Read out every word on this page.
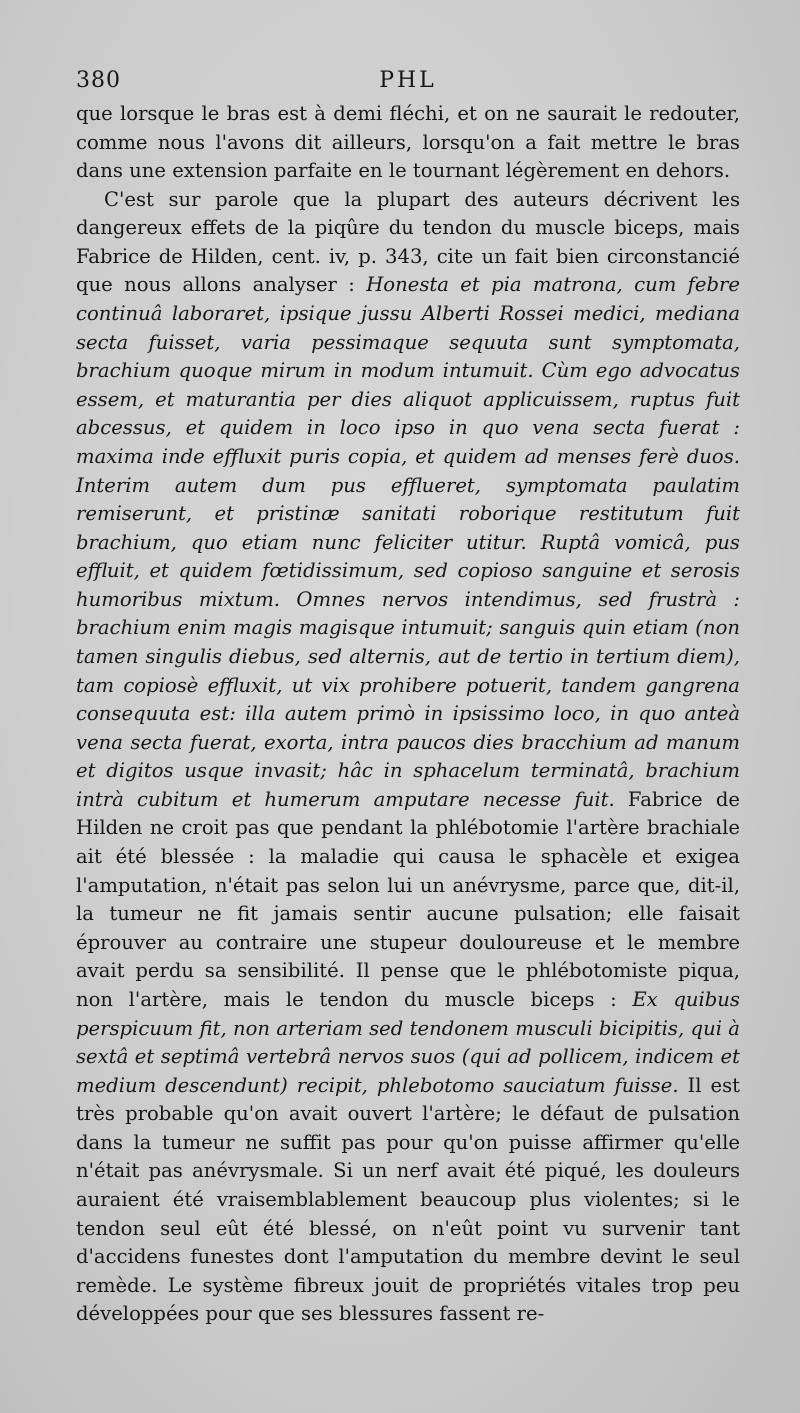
380	PHL

que lorsque le bras est à demi fléchi, et on ne saurait le redouter, comme nous l'avons dit ailleurs, lorsqu'on a fait mettre le bras dans une extension parfaite en le tournant légèrement en dehors.

C'est sur parole que la plupart des auteurs décrivent les dangereux effets de la piqûre du tendon du muscle biceps, mais Fabrice de Hilden, cent. iv, p. 343, cite un fait bien circonstancié que nous allons analyser : Honesta et pia matrona, cum febre continuâ laboraret, ipsique jussu Alberti Rossei medici, mediana secta fuisset, varia pessimaque sequuta sunt symptomata, brachium quoque mirum in modum intumuit. Cùm ego advocatus essem, et maturantia per dies aliquot applicuissem, ruptus fuit abcessus, et quidem in loco ipso in quo vena secta fuerat : maxima inde effluxit puris copia, et quidem ad menses ferè duos. Interim autem dum pus efflueret, symptomata paulatim remiserunt, et pristinæ sanitati roborique restitutum fuit brachium, quo etiam nunc feliciter utitur. Ruptâ vomicâ, pus effluit, et quidem fœtidissimum, sed copioso sanguine et serosis humoribus mixtum. Omnes nervos intendimus, sed frustrà : brachium enim magis magisque intumuit; sanguis quin etiam (non tamen singulis diebus, sed alternis, aut de tertio in tertium diem), tam copiosè effluxit, ut vix prohibere potuerit, tandem gangrena consequuta est: illa autem primò in ipsissimo loco, in quo anteà vena secta fuerat, exorta, intra paucos dies bracchium ad manum et digitos usque invasit; hâc in sphacelum terminatâ, brachium intrà cubitum et humerum amputare necesse fuit. Fabrice de Hilden ne croit pas que pendant la phlébotomie l'artère brachiale ait été blessée : la maladie qui causa le sphacèle et exigea l'amputation, n'était pas selon lui un anévrysme, parce que, dit-il, la tumeur ne fit jamais sentir aucune pulsation; elle faisait éprouver au contraire une stupeur douloureuse et le membre avait perdu sa sensibilité. Il pense que le phlébotomiste piqua, non l'artère, mais le tendon du muscle biceps : Ex quibus perspicuum fit, non arteriam sed tendonem musculi bicipitis, qui à sextâ et septimâ vertebrâ nervos suos (qui ad pollicem, indicem et medium descendunt) recipit, phlebotomo sauciatum fuisse. Il est très probable qu'on avait ouvert l'artère; le défaut de pulsation dans la tumeur ne suffit pas pour qu'on puisse affirmer qu'elle n'était pas anévrysmale. Si un nerf avait été piqué, les douleurs auraient été vraisemblablement beaucoup plus violentes; si le tendon seul eût été blessé, on n'eût point vu survenir tant d'accidens funestes dont l'amputation du membre devint le seul remède. Le système fibreux jouit de propriétés vitales trop peu développées pour que ses blessures fassent re-
